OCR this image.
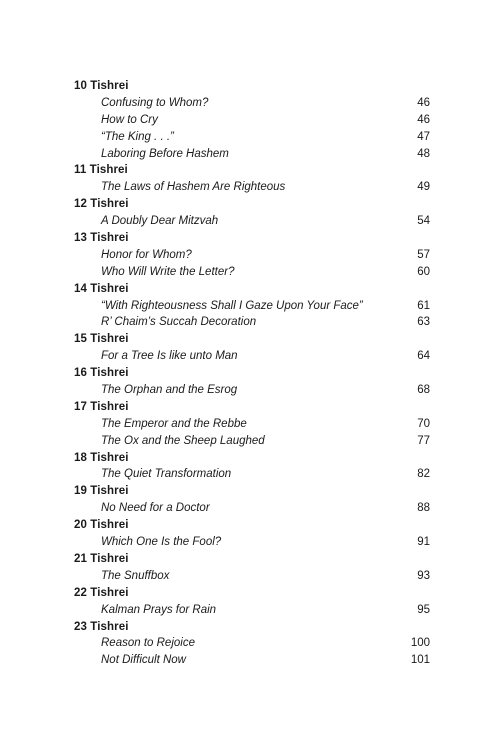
10 Tishrei
Confusing to Whom?	46
How to Cry	46
“The King . . .”	47
Laboring Before Hashem	48
11 Tishrei
The Laws of Hashem Are Righteous	49
12 Tishrei
A Doubly Dear Mitzvah	54
13 Tishrei
Honor for Whom?	57
Who Will Write the Letter?	60
14 Tishrei
“With Righteousness Shall I Gaze Upon Your Face”	61
R’ Chaim’s Succah Decoration	63
15 Tishrei
For a Tree Is like unto Man	64
16 Tishrei
The Orphan and the Esrog	68
17 Tishrei
The Emperor and the Rebbe	70
The Ox and the Sheep Laughed	77
18 Tishrei
The Quiet Transformation	82
19 Tishrei
No Need for a Doctor	88
20 Tishrei
Which One Is the Fool?	91
21 Tishrei
The Snuffbox	93
22 Tishrei
Kalman Prays for Rain	95
23 Tishrei
Reason to Rejoice	100
Not Difficult Now	101
